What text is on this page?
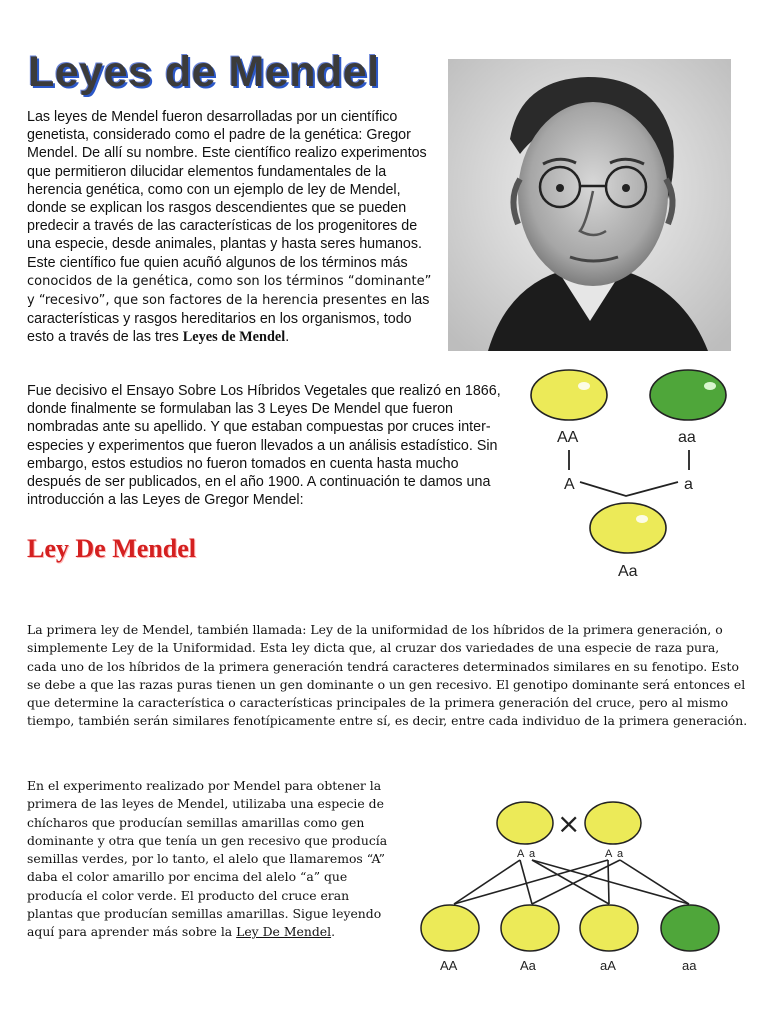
Leyes de Mendel
Las leyes de Mendel fueron desarrolladas por un científico genetista, considerado como el padre de la genética: Gregor Mendel. De allí su nombre. Este científico realizo experimentos que permitieron dilucidar elementos fundamentales de la herencia genética, como con un ejemplo de ley de Mendel, donde se explican los rasgos descendientes que se pueden predecir a través de las características de los progenitores de una especie, desde animales, plantas y hasta seres humanos.
Este científico fue quien acuñó algunos de los términos más
conocidos de la genética, como son los términos “dominante” y “recesivo”, que son factores de la herencia presentes en las características y rasgos hereditarios en los organismos, todo esto a través de las tres Leyes de Mendel.
Fue decisivo el Ensayo Sobre Los Híbridos Vegetales que realizó en 1866, donde finalmente se formulaban las 3 Leyes De Mendel que fueron nombradas ante su apellido. Y que estaban compuestas por cruces inter-especies y experimentos que fueron llevados a un análisis estadístico. Sin embargo, estos estudios no fueron tomados en cuenta hasta mucho después de ser publicados, en el año 1900. A continuación te damos una introducción a las Leyes de Gregor Mendel:
AA	aa
A	a
Aa
Ley De Mendel
La primera ley de Mendel, también llamada: Ley de la uniformidad de los híbridos de la primera generación, o simplemente Ley de la Uniformidad. Esta ley dicta que, al cruzar dos variedades de una especie de raza pura, cada uno de los híbridos de la primera generación tendrá caracteres determinados similares en su fenotipo. Esto se debe a que las razas puras tienen un gen dominante o un gen recesivo. El genotipo dominante será entonces el que determine la característica o características principales de la primera generación del cruce, pero al mismo tiempo, también serán similares fenotípicamente entre sí, es decir, entre cada individuo de la primera generación.
En el experimento realizado por Mendel para obtener la primera de las leyes de Mendel, utilizaba una especie de chícharos que producían semillas amarillas como gen dominante y otra que tenía un gen recesivo que producía semillas verdes, por lo tanto, el alelo que llamaremos “A” daba el color amarillo por encima del alelo “a” que producía el color verde. El producto del cruce eran plantas que producían semillas amarillas. Sigue leyendo aquí para aprender más sobre la Ley De Mendel.
×
A a	A a
AA	Aa	aA	aa
